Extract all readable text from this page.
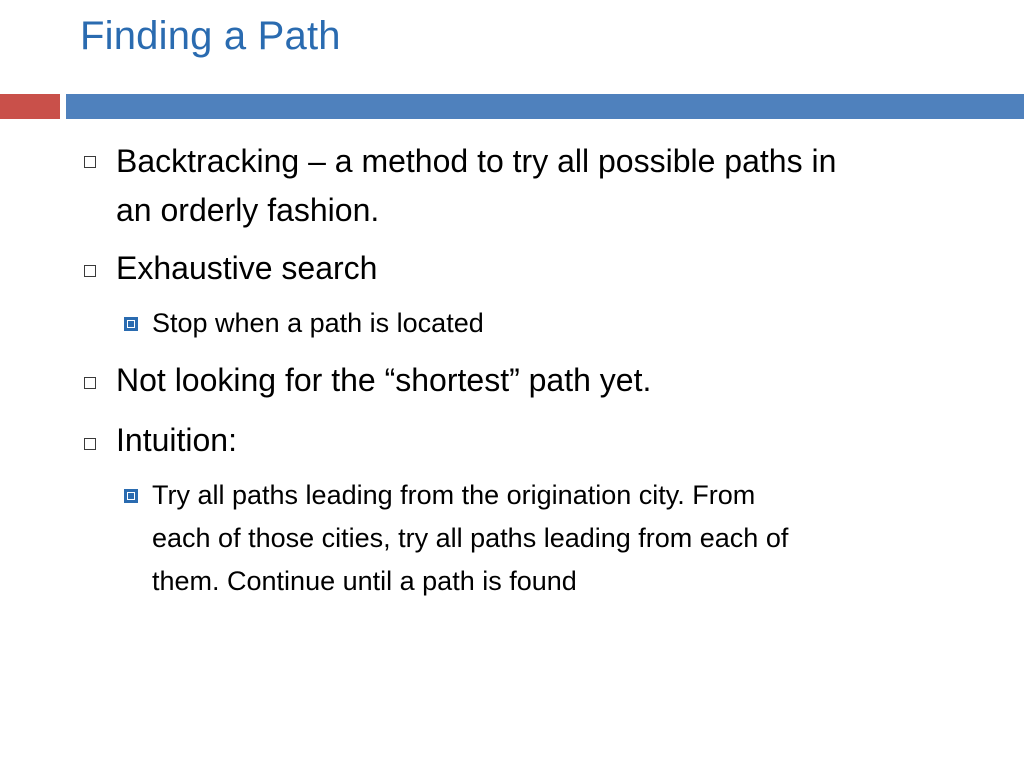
Finding a Path
Backtracking – a method to try all possible paths in
an orderly fashion.
Exhaustive search
Stop when a path is located
Not looking for the “shortest” path yet.
Intuition:
Try all paths leading from the origination city. From
each of those cities, try all paths leading from each of
them. Continue until a path is found
